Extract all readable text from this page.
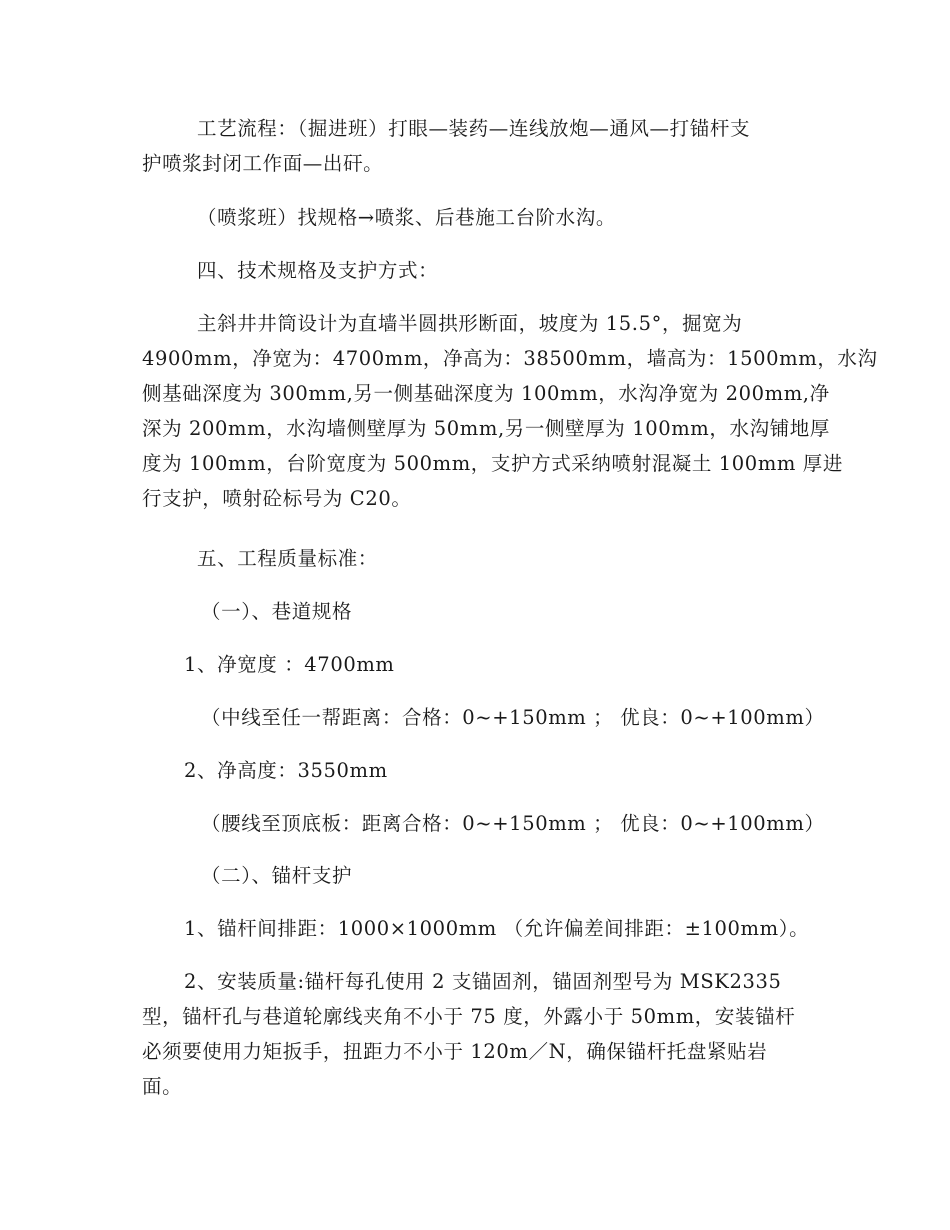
工艺流程：（掘进班）打眼—装药—连线放炮—通风—打锚杆支
护喷浆封闭工作面—出矸。
（喷浆班）找规格→喷浆、后巷施工台阶水沟。
四、技术规格及支护方式：
主斜井井筒设计为直墙半圆拱形断面，坡度为 15.5°，掘宽为
4900mm，净宽为：4700mm，净高为：38500mm，墙高为：1500mm，水沟
侧基础深度为 300mm,另一侧基础深度为 100mm，水沟净宽为 200mm,净
深为 200mm，水沟墙侧壁厚为 50mm,另一侧壁厚为 100mm，水沟铺地厚
度为 100mm，台阶宽度为 500mm，支护方式采纳喷射混凝土 100mm 厚进
行支护，喷射砼标号为 C20。
五、工程质量标准：
（一）、巷道规格
1、净宽度 ：4700mm
（中线至任一帮距离：合格：0~+150mm ； 优良：0~+100mm）
2、净高度：3550mm
（腰线至顶底板：距离合格：0~+150mm ； 优良：0~+100mm）
（二）、锚杆支护
1、锚杆间排距：1000×1000mm （允许偏差间排距：±100mm）。
2、安装质量:锚杆每孔使用 2 支锚固剂，锚固剂型号为 MSK2335
型，锚杆孔与巷道轮廓线夹角不小于 75 度，外露小于 50mm，安装锚杆
必须要使用力矩扳手，扭距力不小于 120m／N，确保锚杆托盘紧贴岩
面。
